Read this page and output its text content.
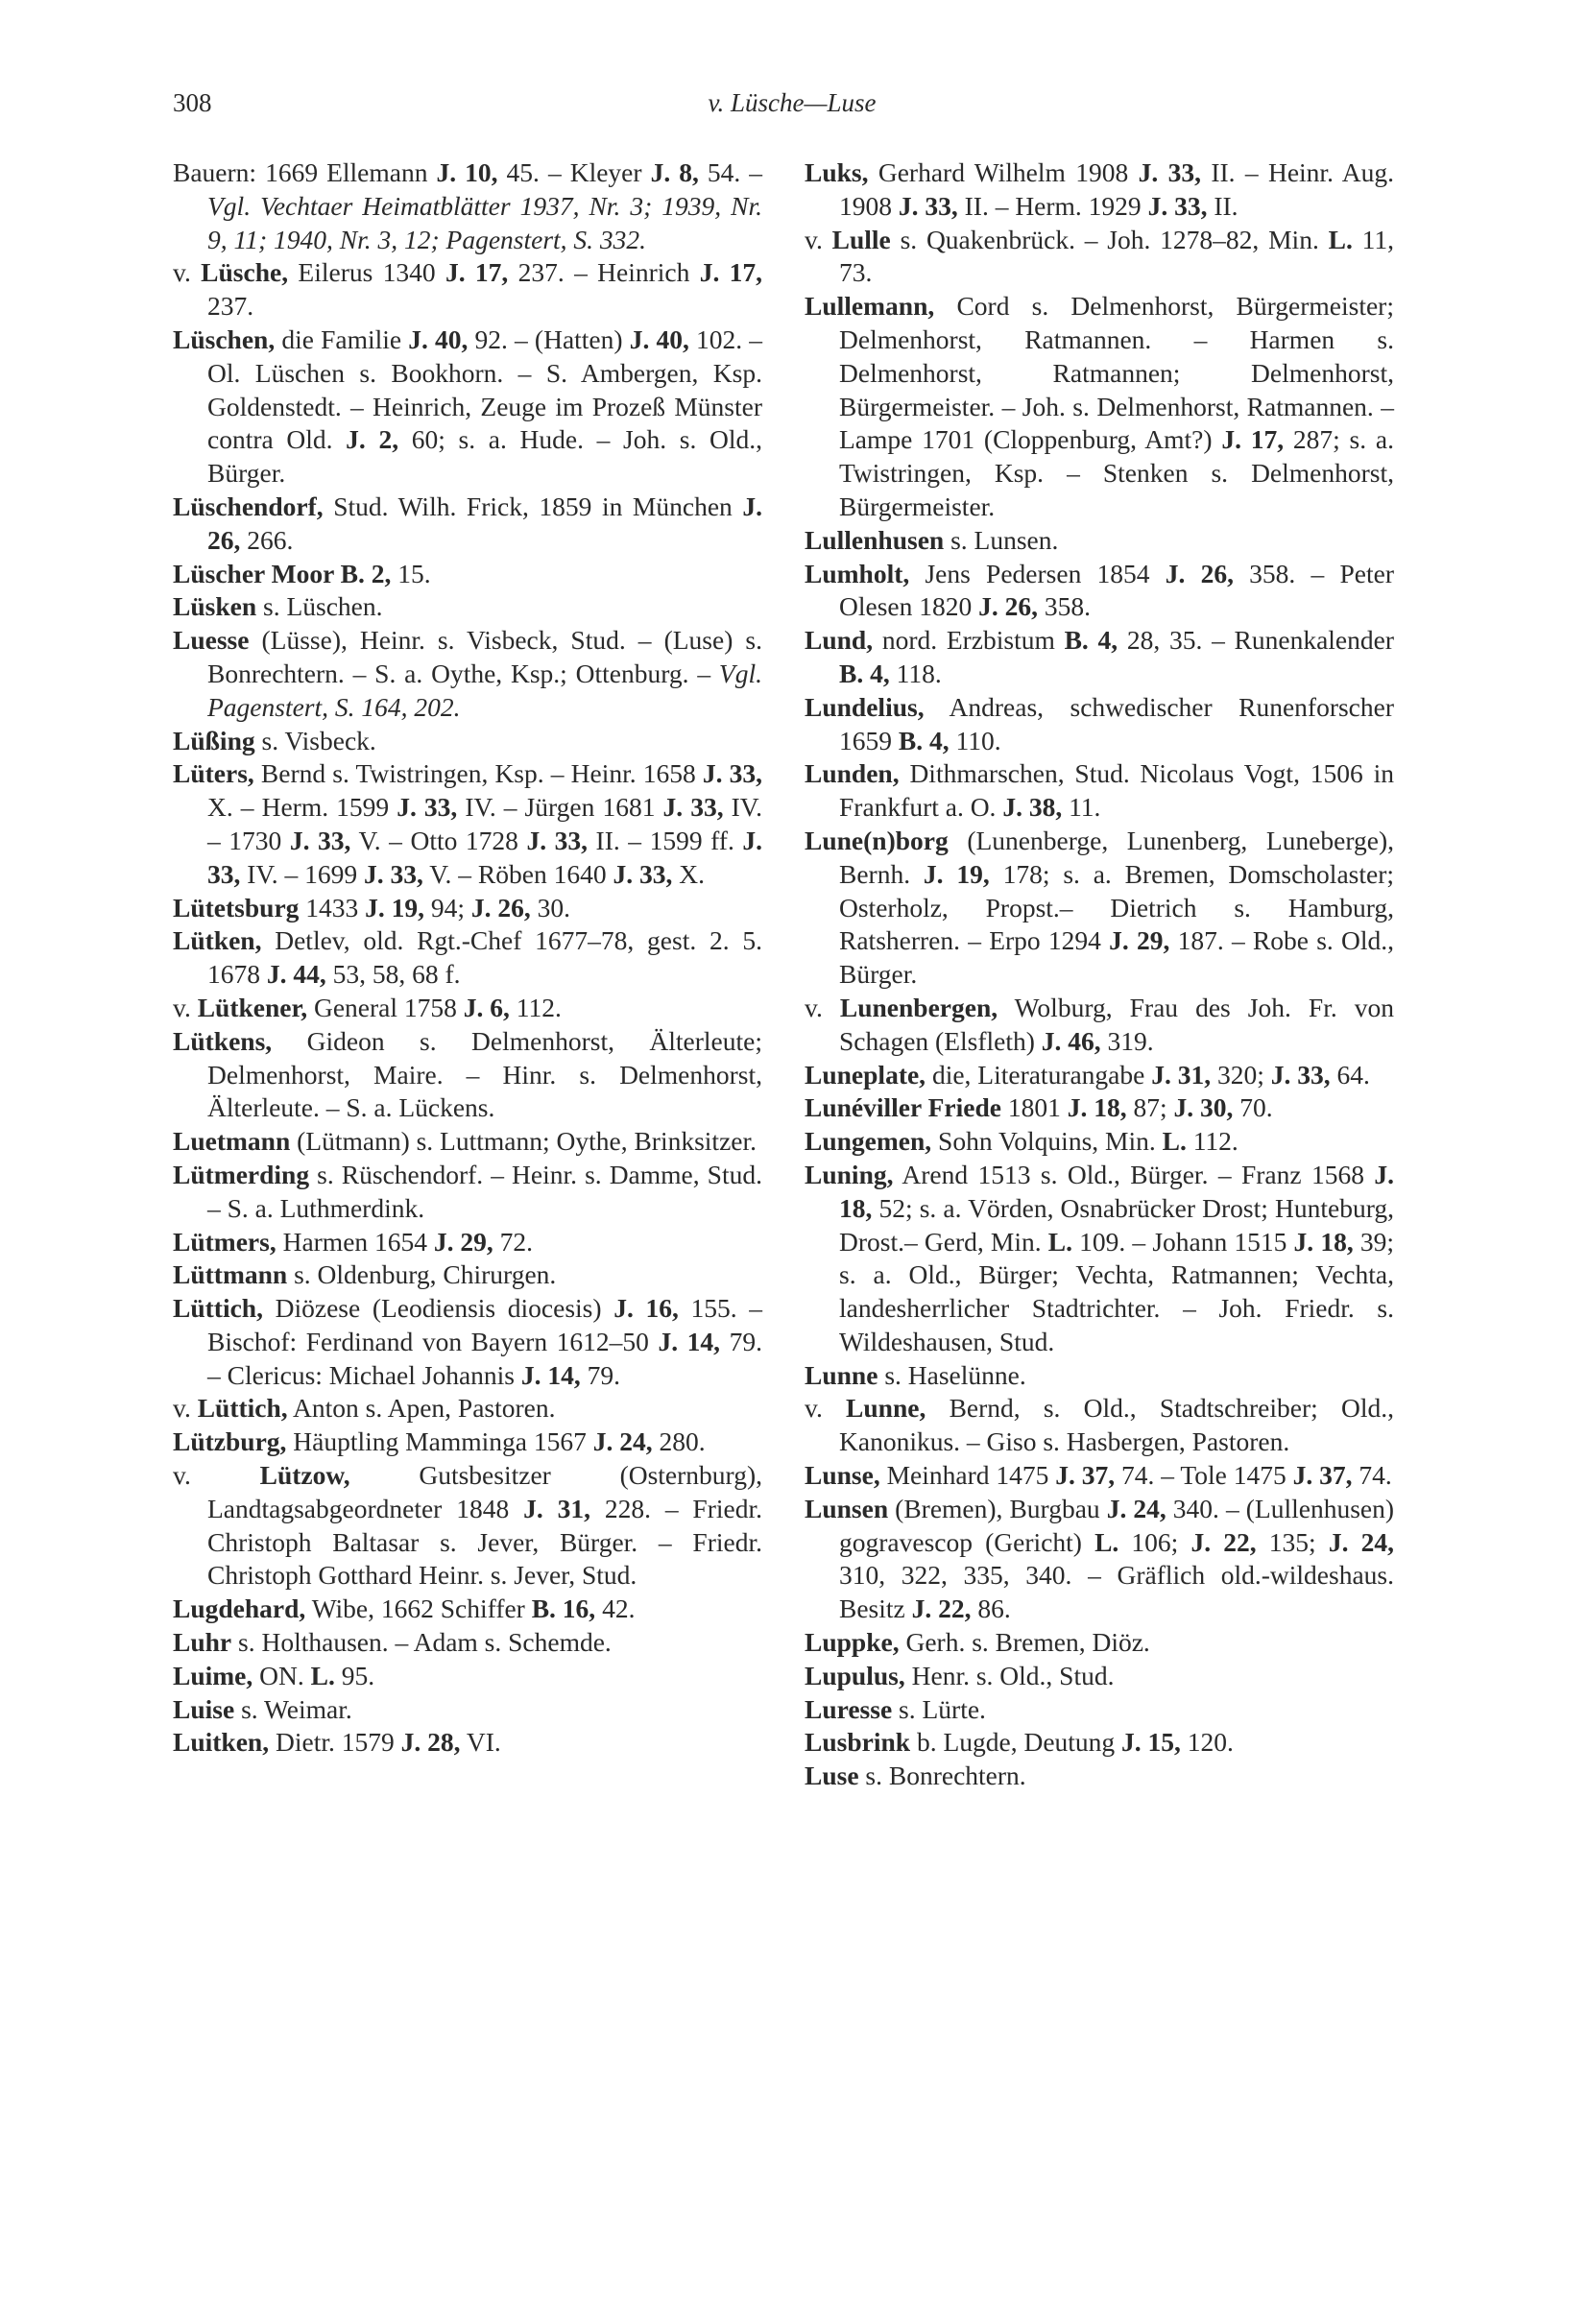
308	v. Lüsche—Luse
Bauern: 1669 Ellemann J. 10, 45. – Kleyer J. 8, 54. – Vgl. Vechtaer Heimatblätter 1937, Nr. 3; 1939, Nr. 9, 11; 1940, Nr. 3, 12; Pagenstert, S. 332.
v. Lüsche, Eilerus 1340 J. 17, 237. – Heinrich J. 17, 237.
Lüschen, die Familie J. 40, 92. – (Hatten) J. 40, 102. – Ol. Lüschen s. Bookhorn. – S. Ambergen, Ksp. Goldenstedt. – Heinrich, Zeuge im Prozeß Münster contra Old. J. 2, 60; s. a. Hude. – Joh. s. Old., Bürger.
Lüschendorf, Stud. Wilh. Frick, 1859 in München J. 26, 266.
Lüscher Moor B. 2, 15.
Lüsken s. Lüschen.
Luesse (Lüsse), Heinr. s. Visbeck, Stud. – (Luse) s. Bonrechtern. – S. a. Oythe, Ksp.; Ottenburg. – Vgl. Pagenstert, S. 164, 202.
Lüßing s. Visbeck.
Lüters, Bernd s. Twistringen, Ksp. – Heinr. 1658 J. 33, X. – Herm. 1599 J. 33, IV. – Jürgen 1681 J. 33, IV. – 1730 J. 33, V. – Otto 1728 J. 33, II. – 1599 ff. J. 33, IV. – 1699 J. 33, V. – Röben 1640 J. 33, X.
Lütetsburg 1433 J. 19, 94; J. 26, 30.
Lütken, Detlev, old. Rgt.-Chef 1677–78, gest. 2. 5. 1678 J. 44, 53, 58, 68 f.
v. Lütkener, General 1758 J. 6, 112.
Lütkens, Gideon s. Delmenhorst, Älterleute; Delmenhorst, Maire. – Hinr. s. Delmenhorst, Älterleute. – S. a. Lückens.
Luetmann (Lütmann) s. Luttmann; Oythe, Brinksitzer.
Lütmerding s. Rüschendorf. – Heinr. s. Damme, Stud. – S. a. Luthmerdink.
Lütmers, Harmen 1654 J. 29, 72.
Lüttmann s. Oldenburg, Chirurgen.
Lüttich, Diözese (Leodiensis diocesis) J. 16, 155. – Bischof: Ferdinand von Bayern 1612–50 J. 14, 79. – Clericus: Michael Johannis J. 14, 79.
v. Lüttich, Anton s. Apen, Pastoren.
Lützburg, Häuptling Mamminga 1567 J. 24, 280.
v. Lützow, Gutsbesitzer (Osternburg), Landtagsabgeordneter 1848 J. 31, 228. – Friedr. Christoph Baltasar s. Jever, Bürger. – Friedr. Christoph Gotthard Heinr. s. Jever, Stud.
Lugdehard, Wibe, 1662 Schiffer B. 16, 42.
Luhr s. Holthausen. – Adam s. Schemde.
Luime, ON. L. 95.
Luise s. Weimar.
Luitken, Dietr. 1579 J. 28, VI.
Luks, Gerhard Wilhelm 1908 J. 33, II. – Heinr. Aug. 1908 J. 33, II. – Herm. 1929 J. 33, II.
v. Lulle s. Quakenbrück. – Joh. 1278–82, Min. L. 11, 73.
Lullemann, Cord s. Delmenhorst, Bürgermeister; Delmenhorst, Ratmannen. – Harmen s. Delmenhorst, Ratmannen; Delmenhorst, Bürgermeister. – Joh. s. Delmenhorst, Ratmannen. – Lampe 1701 (Cloppenburg, Amt?) J. 17, 287; s. a. Twistringen, Ksp. – Stenken s. Delmenhorst, Bürgermeister.
Lullenhusen s. Lunsen.
Lumholt, Jens Pedersen 1854 J. 26, 358. – Peter Olesen 1820 J. 26, 358.
Lund, nord. Erzbistum B. 4, 28, 35. – Runenkalender B. 4, 118.
Lundelius, Andreas, schwedischer Runenforscher 1659 B. 4, 110.
Lunden, Dithmarschen, Stud. Nicolaus Vogt, 1506 in Frankfurt a. O. J. 38, 11.
Lune(n)borg (Lunenberge, Lunenberg, Luneberge), Bernh. J. 19, 178; s. a. Bremen, Domscholaster; Osterholz, Propst.– Dietrich s. Hamburg, Ratsherren. – Erpo 1294 J. 29, 187. – Robe s. Old., Bürger.
v. Lunenbergen, Wolburg, Frau des Joh. Fr. von Schagen (Elsfleth) J. 46, 319.
Luneplate, die, Literaturangabe J. 31, 320; J. 33, 64.
Lunéviller Friede 1801 J. 18, 87; J. 30, 70.
Lungemen, Sohn Volquins, Min. L. 112.
Luning, Arend 1513 s. Old., Bürger. – Franz 1568 J. 18, 52; s. a. Vörden, Osnabrücker Drost; Hunteburg, Drost.– Gerd, Min. L. 109. – Johann 1515 J. 18, 39; s. a. Old., Bürger; Vechta, Ratmannen; Vechta, landesherrlicher Stadtrichter. – Joh. Friedr. s. Wildeshausen, Stud.
Lunne s. Haselünne.
v. Lunne, Bernd, s. Old., Stadtschreiber; Old., Kanonikus. – Giso s. Hasbergen, Pastoren.
Lunse, Meinhard 1475 J. 37, 74. – Tole 1475 J. 37, 74.
Lunsen (Bremen), Burgbau J. 24, 340. – (Lullenhusen) gogravescop (Gericht) L. 106; J. 22, 135; J. 24, 310, 322, 335, 340. – Gräflich old.-wildeshaus. Besitz J. 22, 86.
Luppke, Gerh. s. Bremen, Diöz.
Lupulus, Henr. s. Old., Stud.
Luresse s. Lürte.
Lusbrink b. Lugde, Deutung J. 15, 120.
Luse s. Bonrechtern.
